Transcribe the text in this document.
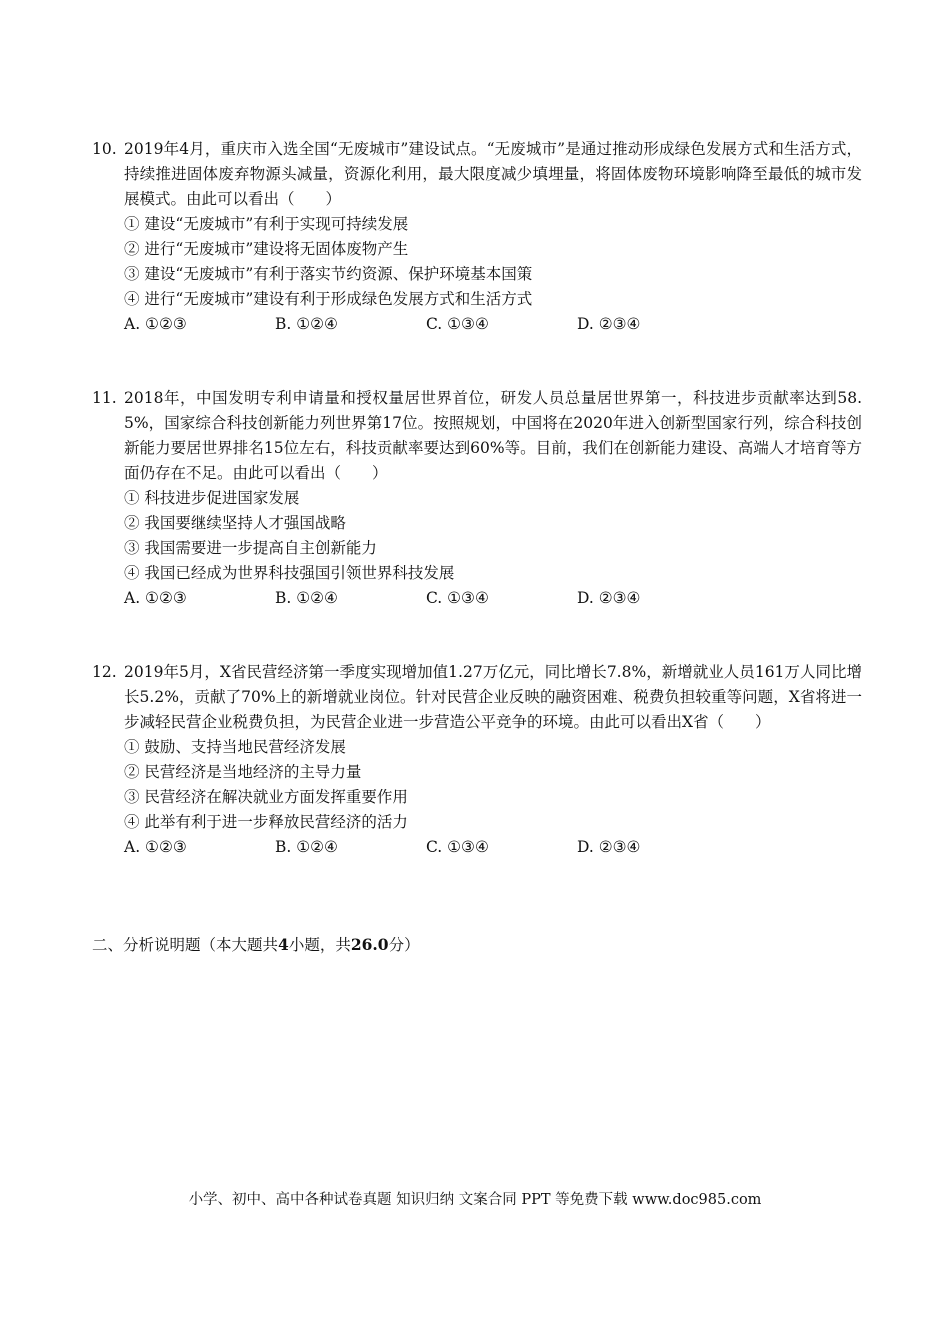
10. 2019年4月，重庆市入选全国“无废城市”建设试点。“无废城市”是通过推动形成绿色发展方式和生活方式，持续推进固体废弃物源头减量，资源化利用，最大限度减少填埋量，将固体废物环境影响降至最低的城市发展模式。由此可以看出（　　）
① 建设“无废城市”有利于实现可持续发展
② 进行“无废城市”建设将无固体废物产生
③ 建设“无废城市”有利于落实节约资源、保护环境基本国策
④ 进行“无废城市”建设有利于形成绿色发展方式和生活方式
A. ①②③	B. ①②④	C. ①③④	D. ②③④
11. 2018年，中国发明专利申请量和授权量居世界首位，研发人员总量居世界第一，科技进步贡献率达到58.5%，国家综合科技创新能力列世界第17位。按照规划，中国将在2020年进入创新型国家行列，综合科技创新能力要居世界排名15位左右，科技贡献率要达到60%等。目前，我们在创新能力建设、高端人才培育等方面仍存在不足。由此可以看出（　　）
① 科技进步促进国家发展
② 我国要继续坚持人才强国战略
③ 我国需要进一步提高自主创新能力
④ 我国已经成为世界科技强国引领世界科技发展
A. ①②③	B. ①②④	C. ①③④	D. ②③④
12. 2019年5月，X省民营经济第一季度实现增加值1.27万亿元，同比增长7.8%，新增就业人员161万人同比增长5.2%，贡献了70%上的新增就业岗位。针对民营企业反映的融资困难、税费负担较重等问题，X省将进一步减轻民营企业税费负担，为民营企业进一步营造公平竞争的环境。由此可以看出X省（　　）
① 鼓励、支持当地民营经济发展
② 民营经济是当地经济的主导力量
③ 民营经济在解决就业方面发挥重要作用
④ 此举有利于进一步释放民营经济的活力
A. ①②③	B. ①②④	C. ①③④	D. ②③④
二、分析说明题（本大题共4小题，共26.0分）
小学、初中、高中各种试卷真题 知识归纳 文案合同 PPT 等免费下载 www.doc985.com
